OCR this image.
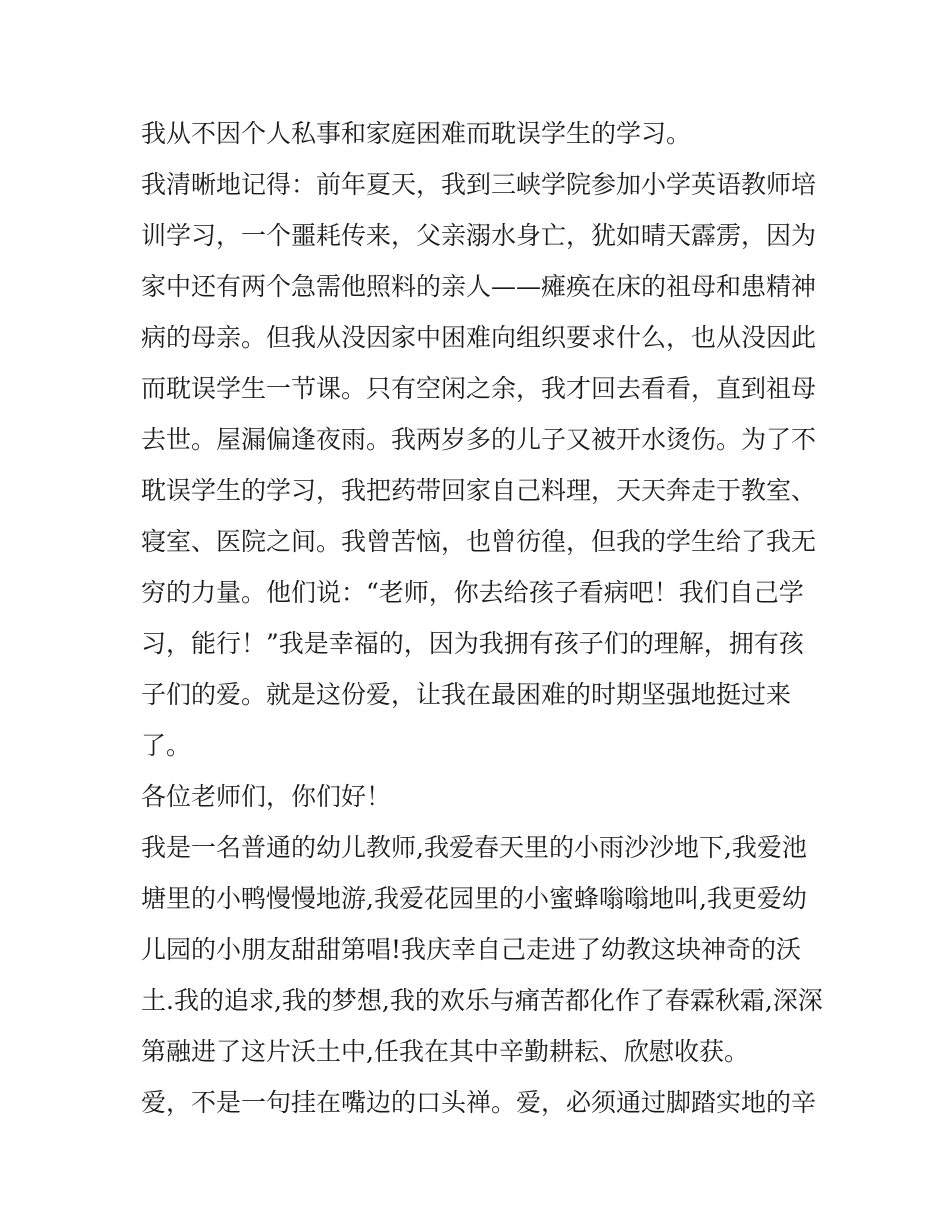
我从不因个人私事和家庭困难而耽误学生的学习。
我清晰地记得：前年夏天，我到三峡学院参加小学英语教师培
训学习，一个噩耗传来，父亲溺水身亡，犹如晴天霹雳，因为
家中还有两个急需他照料的亲人——瘫痪在床的祖母和患精神
病的母亲。但我从没因家中困难向组织要求什么，也从没因此
而耽误学生一节课。只有空闲之余，我才回去看看，直到祖母
去世。屋漏偏逢夜雨。我两岁多的儿子又被开水烫伤。为了不
耽误学生的学习，我把药带回家自己料理，天天奔走于教室、
寝室、医院之间。我曾苦恼，也曾彷徨，但我的学生给了我无
穷的力量。他们说：“老师，你去给孩子看病吧！我们自己学
习，能行！”我是幸福的，因为我拥有孩子们的理解，拥有孩
子们的爱。就是这份爱，让我在最困难的时期坚强地挺过来
了。
各位老师们，你们好！
我是一名普通的幼儿教师,我爱春天里的小雨沙沙地下,我爱池
塘里的小鸭慢慢地游,我爱花园里的小蜜蜂嗡嗡地叫,我更爱幼
儿园的小朋友甜甜第唱!我庆幸自己走进了幼教这块神奇的沃
土.我的追求,我的梦想,我的欢乐与痛苦都化作了春霖秋霜,深深
第融进了这片沃土中,任我在其中辛勤耕耘、欣慰收获。
爱，不是一句挂在嘴边的口头禅。爱，必须通过脚踏实地的辛
